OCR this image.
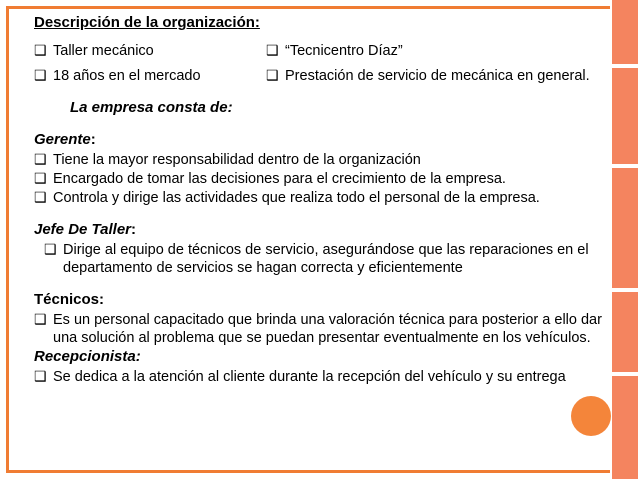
Descripción de la organización:
❑ Taller mecánico	❑ “Tecnicentro Díaz”
❑ 18 años en el mercado	❑ Prestación de servicio de mecánica en general.
La empresa consta de:
Gerente:
❑ Tiene la mayor responsabilidad dentro de la organización
❑ Encargado de tomar las decisiones para el crecimiento de la empresa.
❑ Controla y dirige las actividades que realiza todo el personal de la empresa.
Jefe De Taller:
❑ Dirige al equipo de técnicos de servicio, asegurándose que las reparaciones en el departamento de servicios se hagan correcta y eficientemente
Técnicos:
❑ Es un personal capacitado que brinda una valoración técnica para posterior a ello dar una solución al problema que se puedan presentar eventualmente en los vehículos.
Recepcionista:
❑ Se dedica a la atención al cliente durante la recepción del vehículo y su entrega
